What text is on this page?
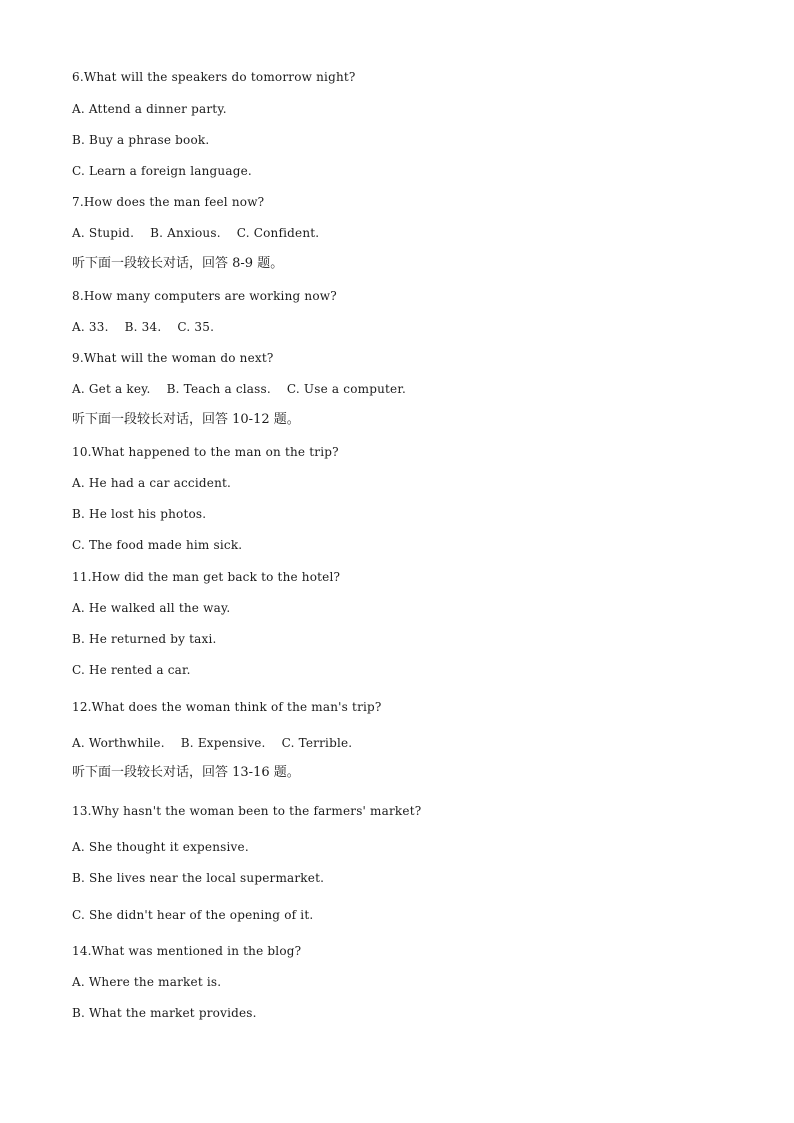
6.What will the speakers do tomorrow night?
A. Attend a dinner party.
B. Buy a phrase book.
C. Learn a foreign language.
7.How does the man feel now?
A. Stupid.    B. Anxious.    C. Confident.
听下面一段较长对话，回答 8-9 题。
8.How many computers are working now?
A. 33.    B. 34.    C. 35.
9.What will the woman do next?
A. Get a key.    B. Teach a class.    C. Use a computer.
听下面一段较长对话，回答 10-12 题。
10.What happened to the man on the trip?
A. He had a car accident.
B. He lost his photos.
C. The food made him sick.
11.How did the man get back to the hotel?
A. He walked all the way.
B. He returned by taxi.
C. He rented a car.
12.What does the woman think of the man's trip?
A. Worthwhile.    B. Expensive.    C. Terrible.
听下面一段较长对话，回答 13-16 题。
13.Why hasn't the woman been to the farmers' market?
A. She thought it expensive.
B. She lives near the local supermarket.
C. She didn't hear of the opening of it.
14.What was mentioned in the blog?
A. Where the market is.
B. What the market provides.
